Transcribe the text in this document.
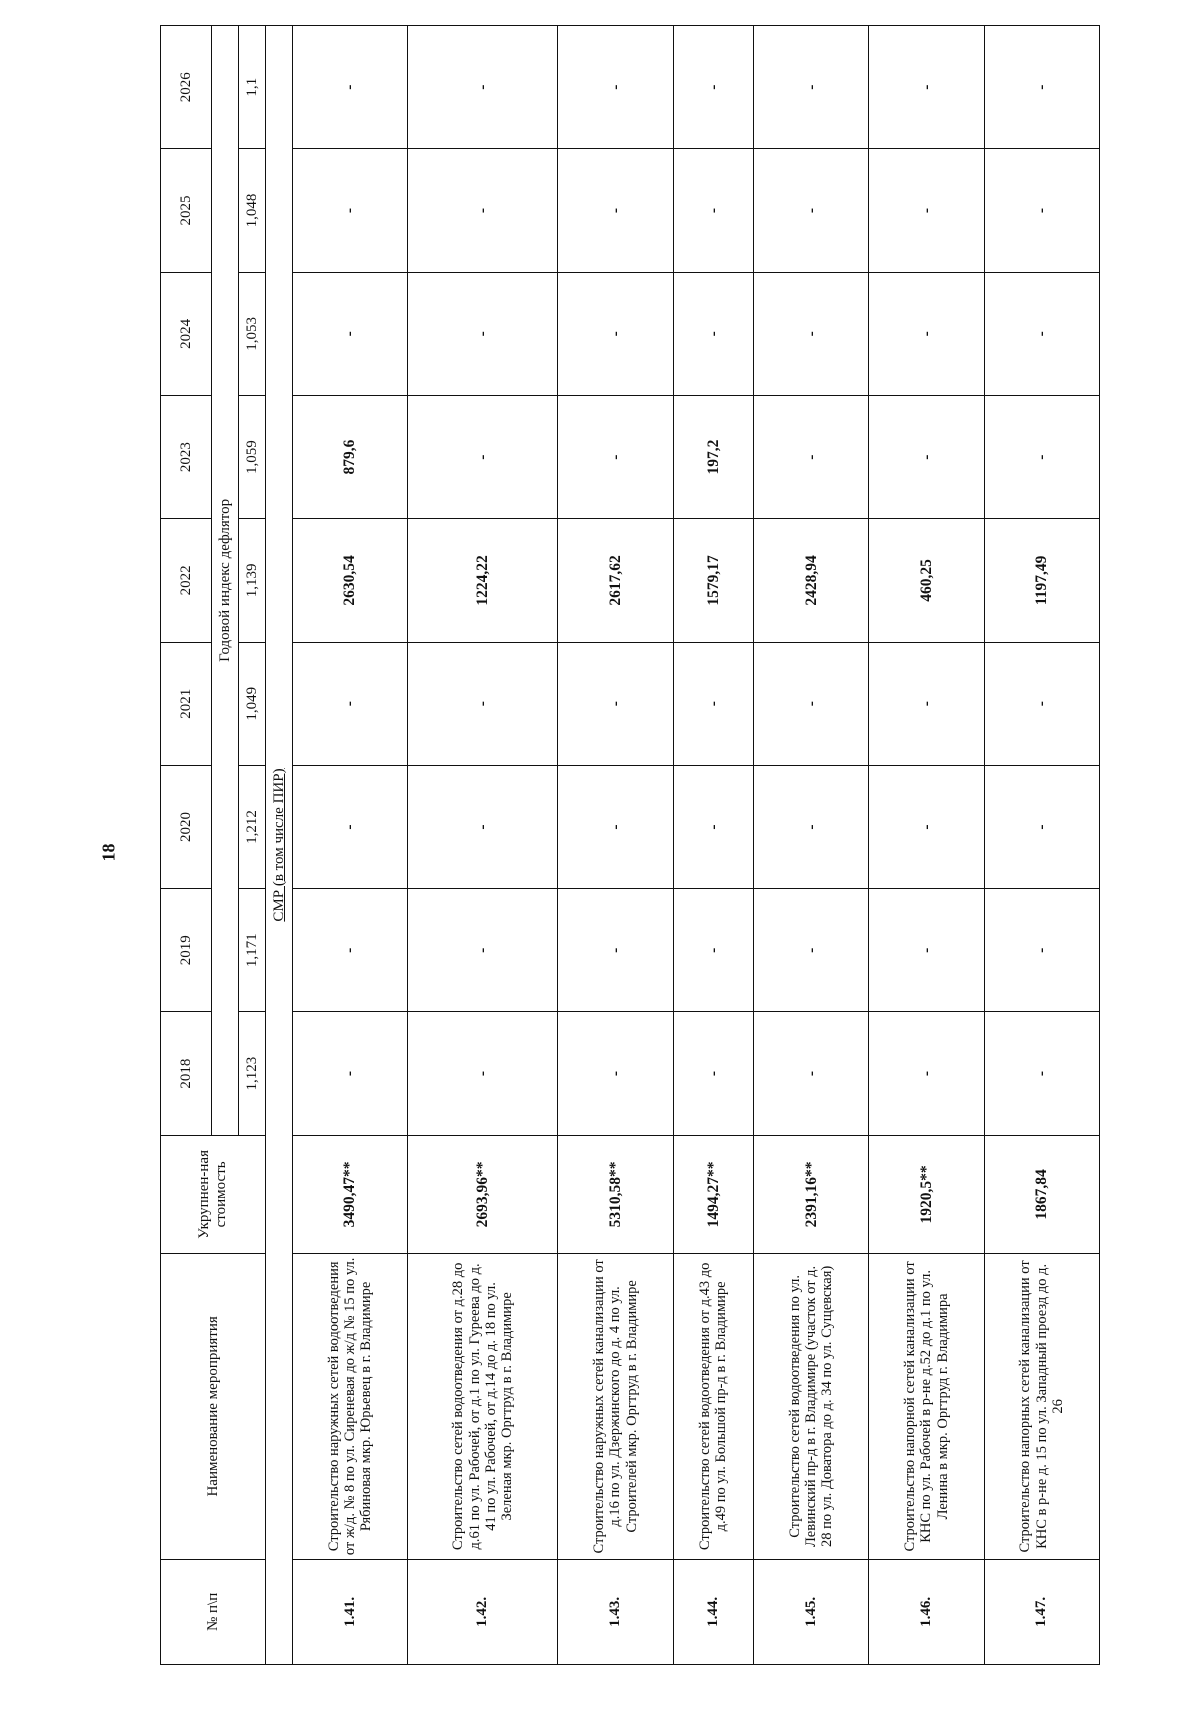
18
№ п\п	Наименование мероприятия	Укрупнен-ная стоимость	2018	2019	2020	2021	2022	2023	2024	2025	2026
			Годовой индекс дефлятор								
			1,123	1,171	1,212	1,049	1,139	1,059	1,053	1,048	1,1
СМР (в том числе ПИР)											
1.41.	Строительство наружных сетей водоотведения от ж/д. № 8 по ул. Сиреневая до ж/д № 15 по ул. Рябиновая мкр. Юрьевец в г. Владимире	3490,47**	-	-	-	-	2630,54	879,6	-	-	-
1.42.	Строительство сетей водоотведения от д.28 до д.61 по ул. Рабочей, от д.1 по ул. Гуреева до д. 41 по ул. Рабочей, от д.14 до д. 18 по ул. Зеленая мкр. Оргтруд в г. Владимире	2693,96**	-	-	-	-	1224,22	-	-	-	-
1.43.	Строительство наружных сетей канализации от д.16 по ул. Дзержинского до д. 4 по ул. Строителей мкр. Оргтруд в г. Владимире	5310,58**	-	-	-	-	2617,62	-	-	-	-
1.44.	Строительство сетей водоотведения от д.43 до д.49 по ул. Большой пр-д в г. Владимире	1494,27**	-	-	-	-	1579,17	197,2	-	-	-
1.45.	Строительство сетей водоотведения по ул. Левинский пр-д в г. Владимире (участок от д. 28 по ул. Доватора до д. 34 по ул. Сущевская)	2391,16**	-	-	-	-	2428,94	-	-	-	-
1.46.	Строительство напорной сетей канализации от КНС по ул. Рабочей в р-не д.52 до д.1 по ул. Ленина в мкр. Оргтруд г. Владимира	1920,5**	-	-	-	-	460,25	-	-	-	-
1.47.	Строительство напорных сетей канализации от КНС в р-не д. 15 по ул. Западный проезд до д. 26	1867,84	-	-	-	-	1197,49	-	-	-	-
